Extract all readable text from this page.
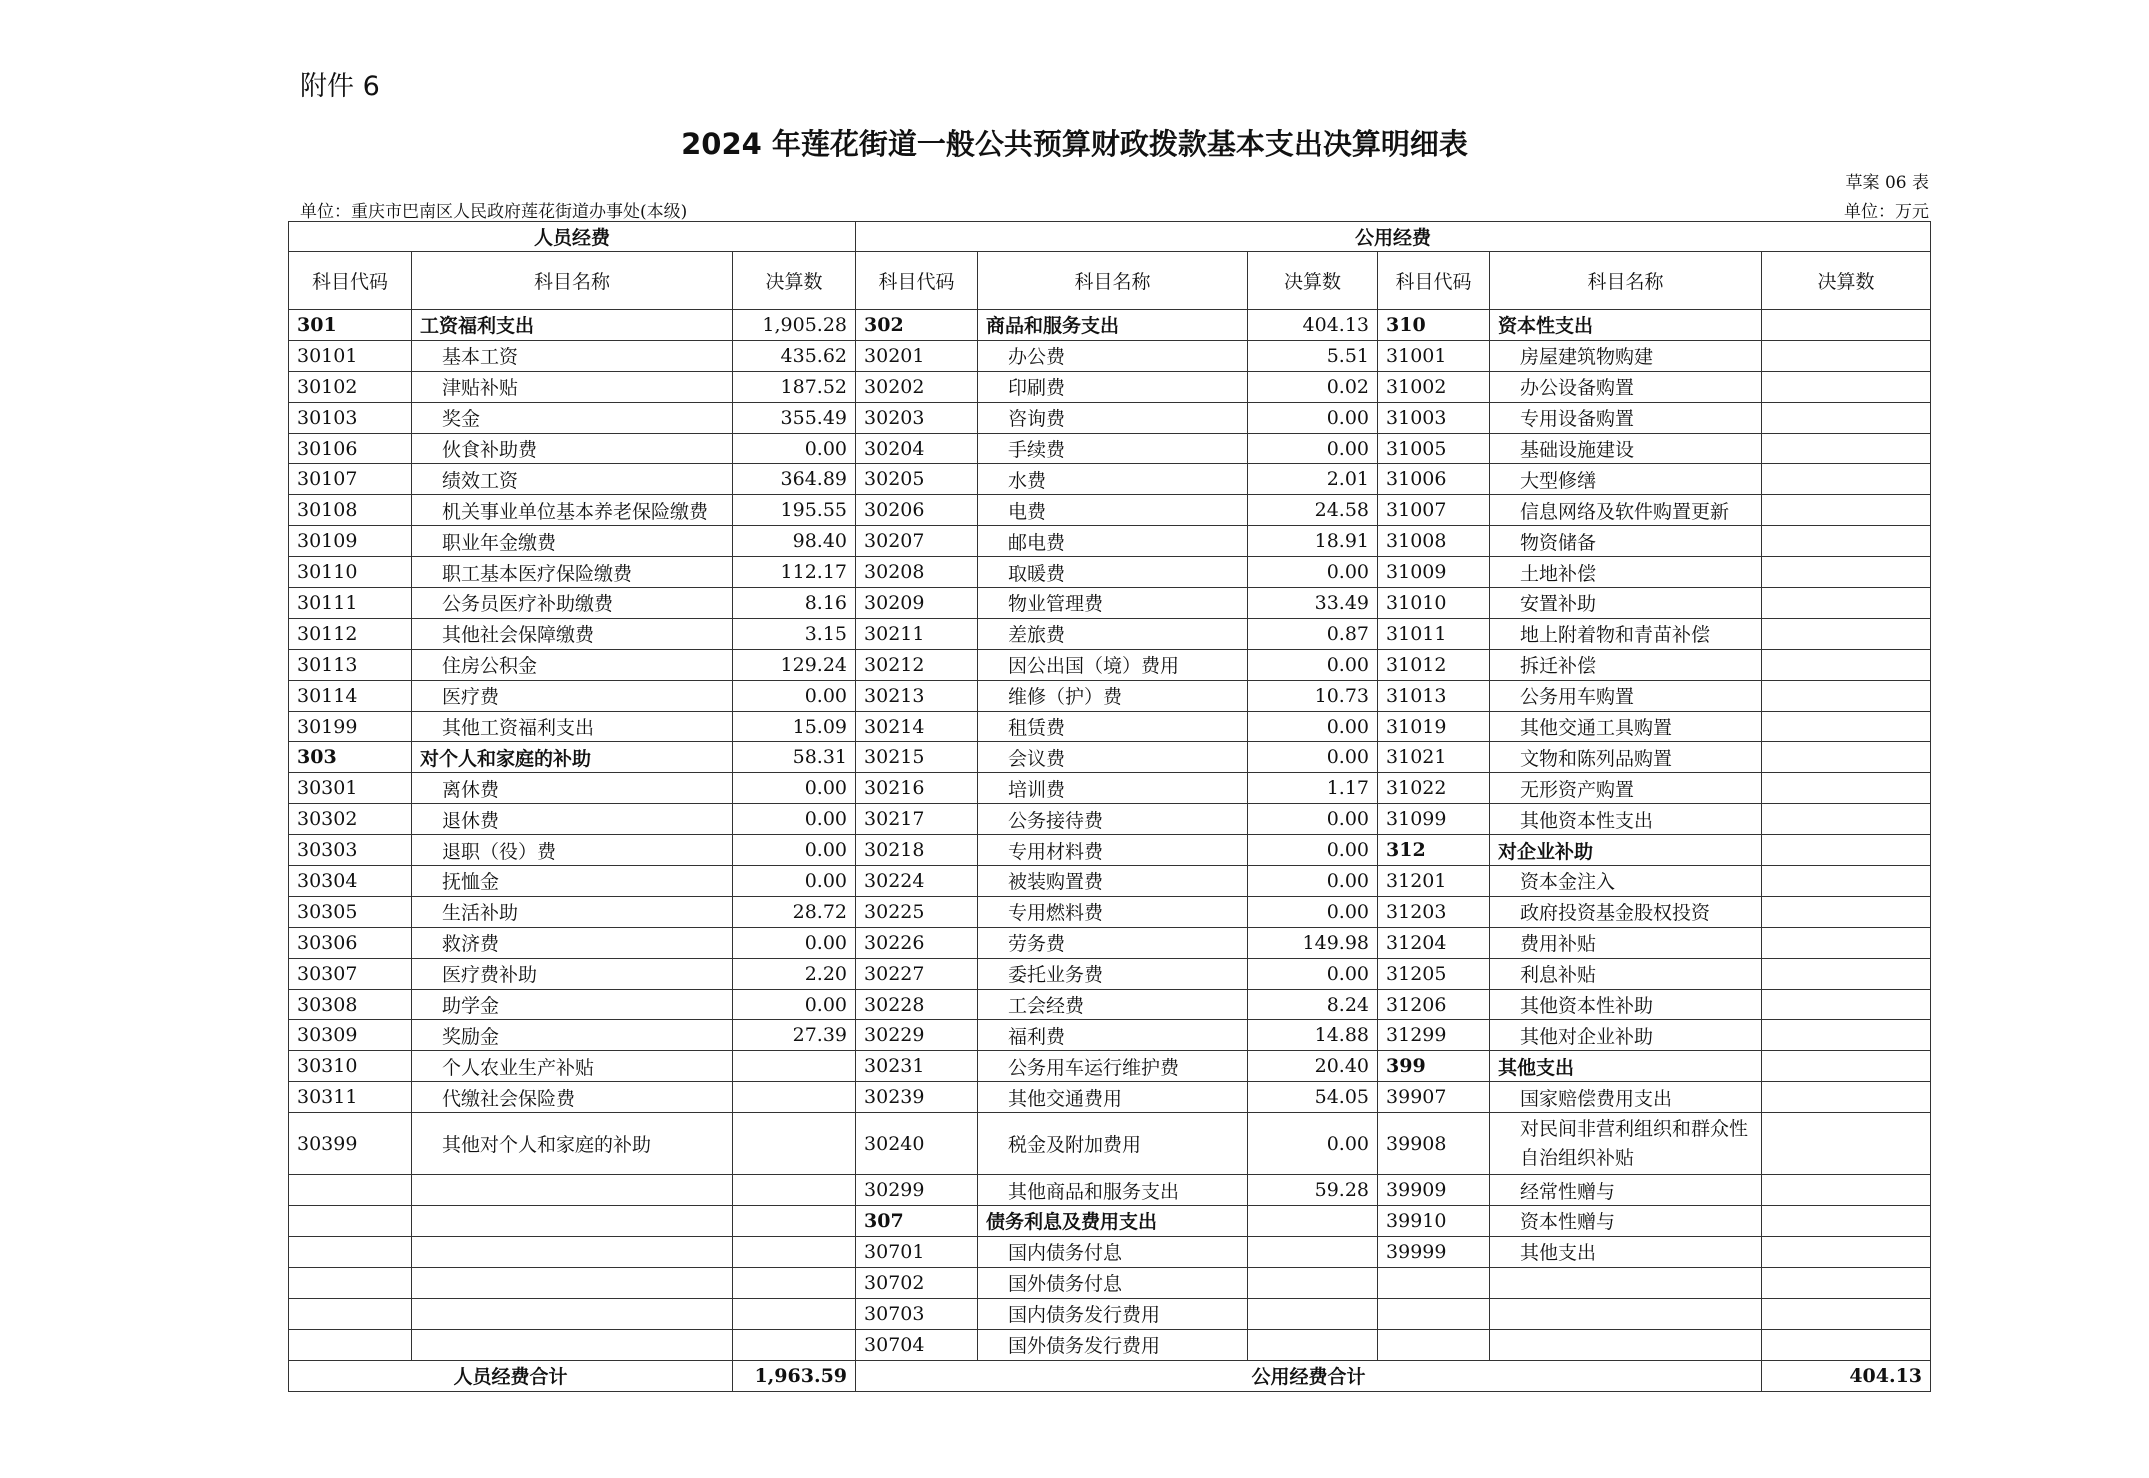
附件 6
2024 年莲花街道一般公共预算财政拨款基本支出决算明细表
草案 06 表
单位：重庆市巴南区人民政府莲花街道办事处(本级)	单位：万元
人员经费			公用经费					
科目代码	科目名称	决算数	科目代码	科目名称	决算数	科目代码	科目名称	决算数
301	工资福利支出	1,905.28	302	商品和服务支出	404.13	310	资本性支出	
30101	基本工资	435.62	30201	办公费	5.51	31001	房屋建筑物购建	
30102	津贴补贴	187.52	30202	印刷费	0.02	31002	办公设备购置	
30103	奖金	355.49	30203	咨询费	0.00	31003	专用设备购置	
30106	伙食补助费	0.00	30204	手续费	0.00	31005	基础设施建设	
30107	绩效工资	364.89	30205	水费	2.01	31006	大型修缮	
30108	机关事业单位基本养老保险缴费	195.55	30206	电费	24.58	31007	信息网络及软件购置更新	
30109	职业年金缴费	98.40	30207	邮电费	18.91	31008	物资储备	
30110	职工基本医疗保险缴费	112.17	30208	取暖费	0.00	31009	土地补偿	
30111	公务员医疗补助缴费	8.16	30209	物业管理费	33.49	31010	安置补助	
30112	其他社会保障缴费	3.15	30211	差旅费	0.87	31011	地上附着物和青苗补偿	
30113	住房公积金	129.24	30212	因公出国（境）费用	0.00	31012	拆迁补偿	
30114	医疗费	0.00	30213	维修（护）费	10.73	31013	公务用车购置	
30199	其他工资福利支出	15.09	30214	租赁费	0.00	31019	其他交通工具购置	
303	对个人和家庭的补助	58.31	30215	会议费	0.00	31021	文物和陈列品购置	
30301	离休费	0.00	30216	培训费	1.17	31022	无形资产购置	
30302	退休费	0.00	30217	公务接待费	0.00	31099	其他资本性支出	
30303	退职（役）费	0.00	30218	专用材料费	0.00	312	对企业补助	
30304	抚恤金	0.00	30224	被装购置费	0.00	31201	资本金注入	
30305	生活补助	28.72	30225	专用燃料费	0.00	31203	政府投资基金股权投资	
30306	救济费	0.00	30226	劳务费	149.98	31204	费用补贴	
30307	医疗费补助	2.20	30227	委托业务费	0.00	31205	利息补贴	
30308	助学金	0.00	30228	工会经费	8.24	31206	其他资本性补助	
30309	奖励金	27.39	30229	福利费	14.88	31299	其他对企业补助	
30310	个人农业生产补贴		30231	公务用车运行维护费	20.40	399	其他支出	
30311	代缴社会保险费		30239	其他交通费用	54.05	39907	国家赔偿费用支出	
30399	其他对个人和家庭的补助		30240	税金及附加费用	0.00	39908	对民间非营利组织和群众性自治组织补贴	
			30299	其他商品和服务支出	59.28	39909	经常性赠与	
			307	债务利息及费用支出		39910	资本性赠与	
			30701	国内债务付息		39999	其他支出	
			30702	国外债务付息				
			30703	国内债务发行费用				
			30704	国外债务发行费用				
人员经费合计		1,963.59	公用经费合计					404.13
